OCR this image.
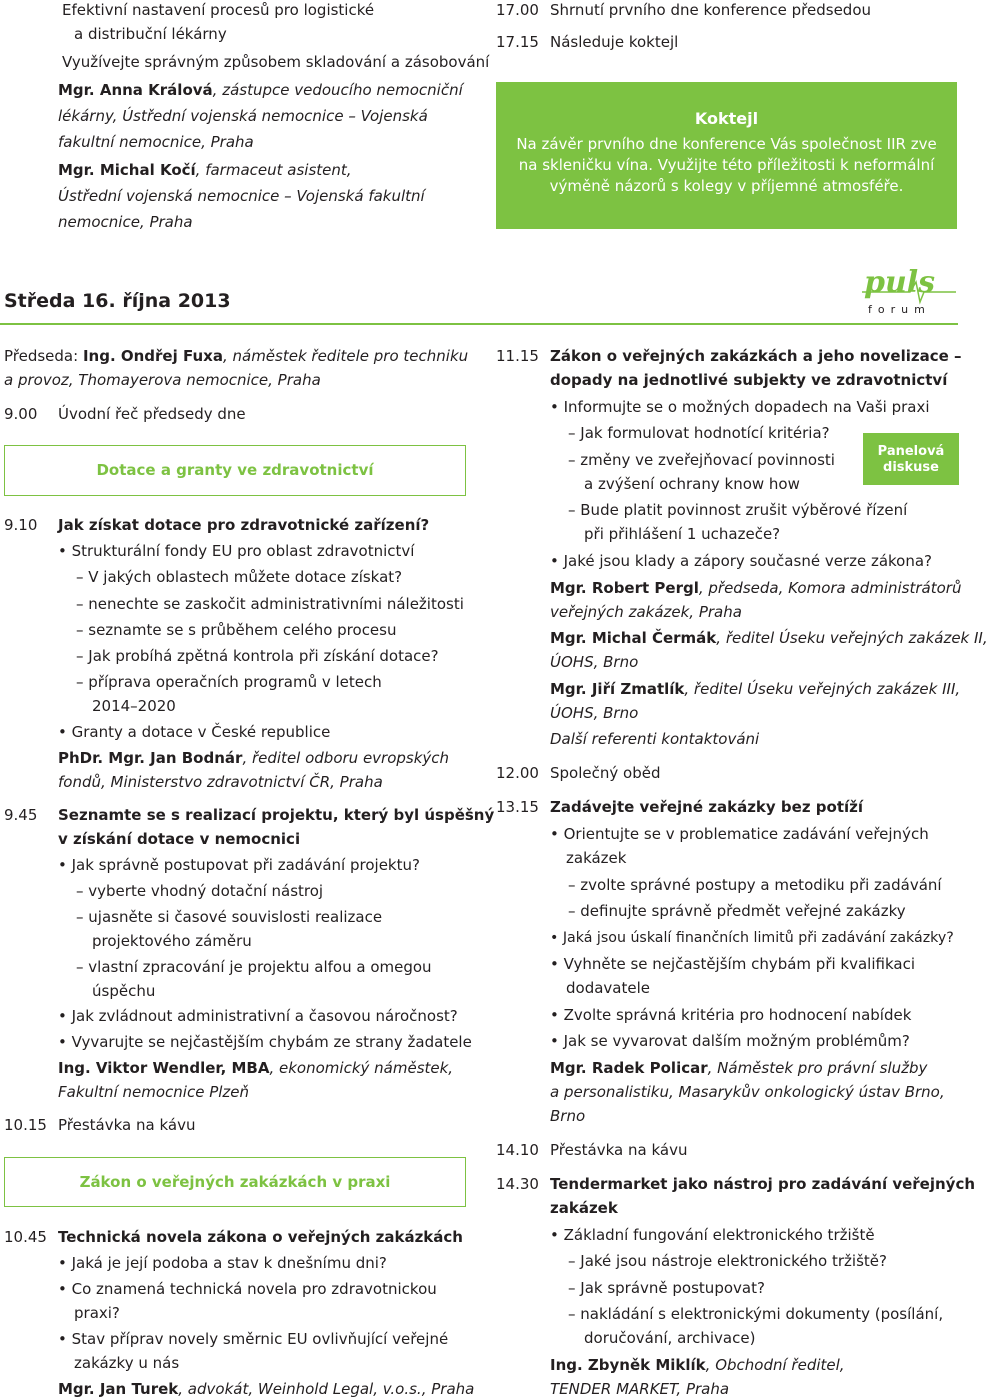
Efektivní nastavení procesů pro logistické
a distribuční lékárny
Využívejte správným způsobem skladování a zásobování
Mgr. Anna Králová, zástupce vedoucího nemocniční
lékárny, Ústřední vojenská nemocnice – Vojenská
fakultní nemocnice, Praha
Mgr. Michal Kočí, farmaceut asistent,
Ústřední vojenská nemocnice – Vojenská fakultní
nemocnice, Praha
17.00 Shrnutí prvního dne konference předsedou
17.15 Následuje koktejl
Koktejl
Na závěr prvního dne konference Vás společnost IIR zve
na skleničku vína. Využijte této příležitosti k neformální
výměně názorů s kolegy v příjemné atmosféře.
Středa 16. října 2013
puls
forum
Předseda: Ing. Ondřej Fuxa, náměstek ředitele pro techniku
a provoz, Thomayerova nemocnice, Praha
9.00 Úvodní řeč předsedy dne
Dotace a granty ve zdravotnictví
9.10 Jak získat dotace pro zdravotnické zařízení?
• Strukturální fondy EU pro oblast zdravotnictví
– V jakých oblastech můžete dotace získat?
– nenechte se zaskočit administrativními náležitosti
– seznamte se s průběhem celého procesu
– Jak probíhá zpětná kontrola při získání dotace?
– příprava operačních programů v letech
2014–2020
• Granty a dotace v České republice
PhDr. Mgr. Jan Bodnár, ředitel odboru evropských
fondů, Ministerstvo zdravotnictví ČR, Praha
9.45 Seznamte se s realizací projektu, který byl úspěšný
v získání dotace v nemocnici
• Jak správně postupovat při zadávání projektu?
– vyberte vhodný dotační nástroj
– ujasněte si časové souvislosti realizace
projektového záměru
– vlastní zpracování je projektu alfou a omegou
úspěchu
• Jak zvládnout administrativní a časovou náročnost?
• Vyvarujte se nejčastějším chybám ze strany žadatele
Ing. Viktor Wendler, MBA, ekonomický náměstek,
Fakultní nemocnice Plzeň
10.15 Přestávka na kávu
Zákon o veřejných zakázkách v praxi
10.45 Technická novela zákona o veřejných zakázkách
• Jaká je její podoba a stav k dnešnímu dni?
• Co znamená technická novela pro zdravotnickou
praxi?
• Stav příprav novely směrnic EU ovlivňující veřejné
zakázky u nás
Mgr. Jan Turek, advokát, Weinhold Legal, v.o.s., Praha
11.15 Zákon o veřejných zakázkách a jeho novelizace –
dopady na jednotlivé subjekty ve zdravotnictví
• Informujte se o možných dopadech na Vaši praxi
– Jak formulovat hodnotící kritéria?
– změny ve zveřejňovací povinnosti
a zvýšení ochrany know how
– Bude platit povinnost zrušit výběrové řízení
při přihlášení 1 uchazeče?
• Jaké jsou klady a zápory současné verze zákona?
Panelová
diskuse
Mgr. Robert Pergl, předseda, Komora administrátorů
veřejných zakázek, Praha
Mgr. Michal Čermák, ředitel Úseku veřejných zakázek II,
ÚOHS, Brno
Mgr. Jiří Zmatlík, ředitel Úseku veřejných zakázek III,
ÚOHS, Brno
Další referenti kontaktováni
12.00 Společný oběd
13.15 Zadávejte veřejné zakázky bez potíží
• Orientujte se v problematice zadávání veřejných
zakázek
– zvolte správné postupy a metodiku při zadávání
– definujte správně předmět veřejné zakázky
• Jaká jsou úskalí finančních limitů při zadávání zakázky?
• Vyhněte se nejčastějším chybám při kvalifikaci
dodavatele
• Zvolte správná kritéria pro hodnocení nabídek
• Jak se vyvarovat dalším možným problémům?
Mgr. Radek Policar, Náměstek pro právní služby
a personalistiku, Masarykův onkologický ústav Brno,
Brno
14.10 Přestávka na kávu
14.30 Tendermarket jako nástroj pro zadávání veřejných
zakázek
• Základní fungování elektronického tržiště
– Jaké jsou nástroje elektronického tržiště?
– Jak správně postupovat?
– nakládání s elektronickými dokumenty (posílání,
doručování, archivace)
Ing. Zbyněk Miklík, Obchodní ředitel,
TENDER MARKET, Praha
